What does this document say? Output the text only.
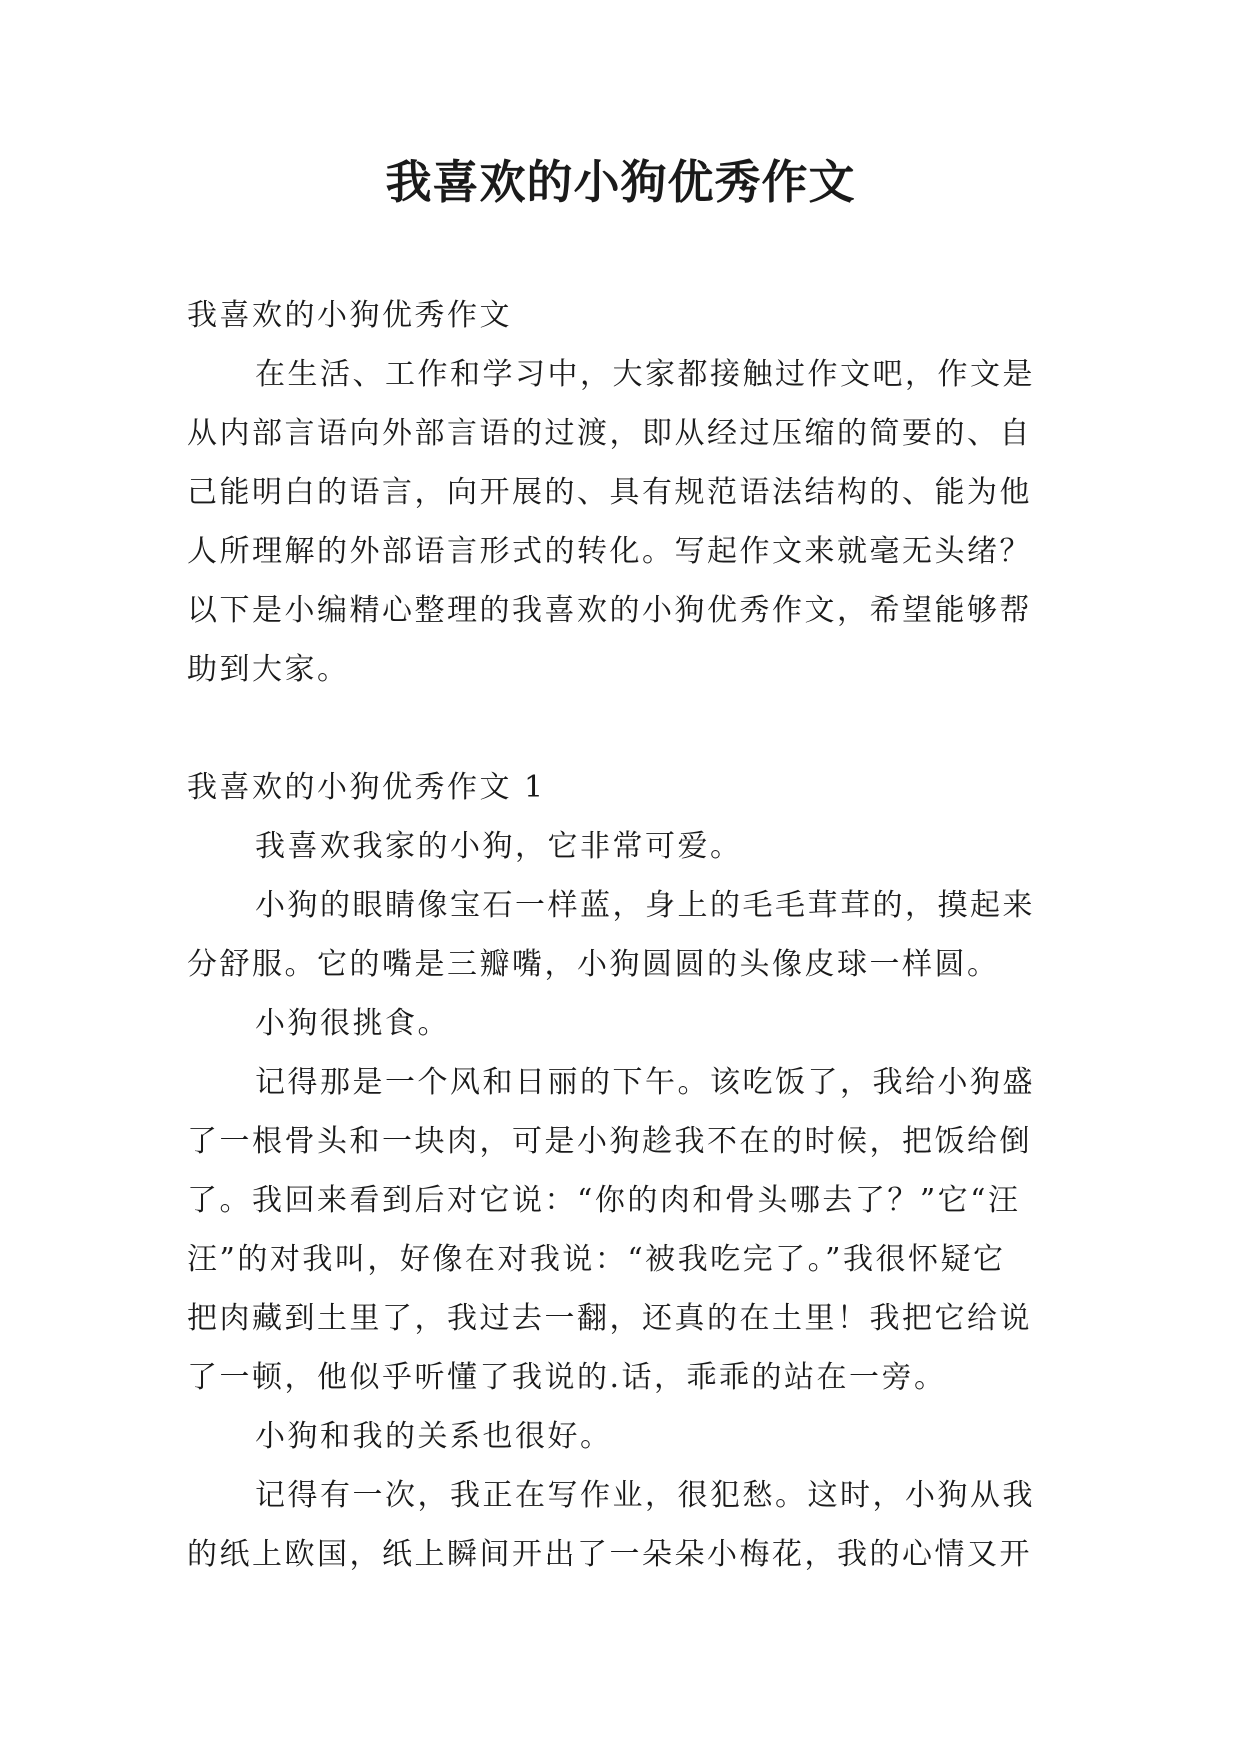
我喜欢的小狗优秀作文
我喜欢的小狗优秀作文
在生活、工作和学习中，大家都接触过作文吧，作文是
从内部言语向外部言语的过渡，即从经过压缩的简要的、自
己能明白的语言，向开展的、具有规范语法结构的、能为他
人所理解的外部语言形式的转化。写起作文来就毫无头绪？
以下是小编精心整理的我喜欢的小狗优秀作文，希望能够帮
助到大家。
我喜欢的小狗优秀作文 1
我喜欢我家的小狗，它非常可爱。
小狗的眼睛像宝石一样蓝，身上的毛毛茸茸的，摸起来
分舒服。它的嘴是三瓣嘴，小狗圆圆的头像皮球一样圆。
小狗很挑食。
记得那是一个风和日丽的下午。该吃饭了，我给小狗盛
了一根骨头和一块肉，可是小狗趁我不在的时候，把饭给倒
了。我回来看到后对它说：“你的肉和骨头哪去了？”它“汪
汪”的对我叫，好像在对我说：“被我吃完了。”我很怀疑它
把肉藏到土里了，我过去一翻，还真的在土里！我把它给说
了一顿，他似乎听懂了我说的.话，乖乖的站在一旁。
小狗和我的关系也很好。
记得有一次，我正在写作业，很犯愁。这时，小狗从我
的纸上欧国，纸上瞬间开出了一朵朵小梅花，我的心情又开
